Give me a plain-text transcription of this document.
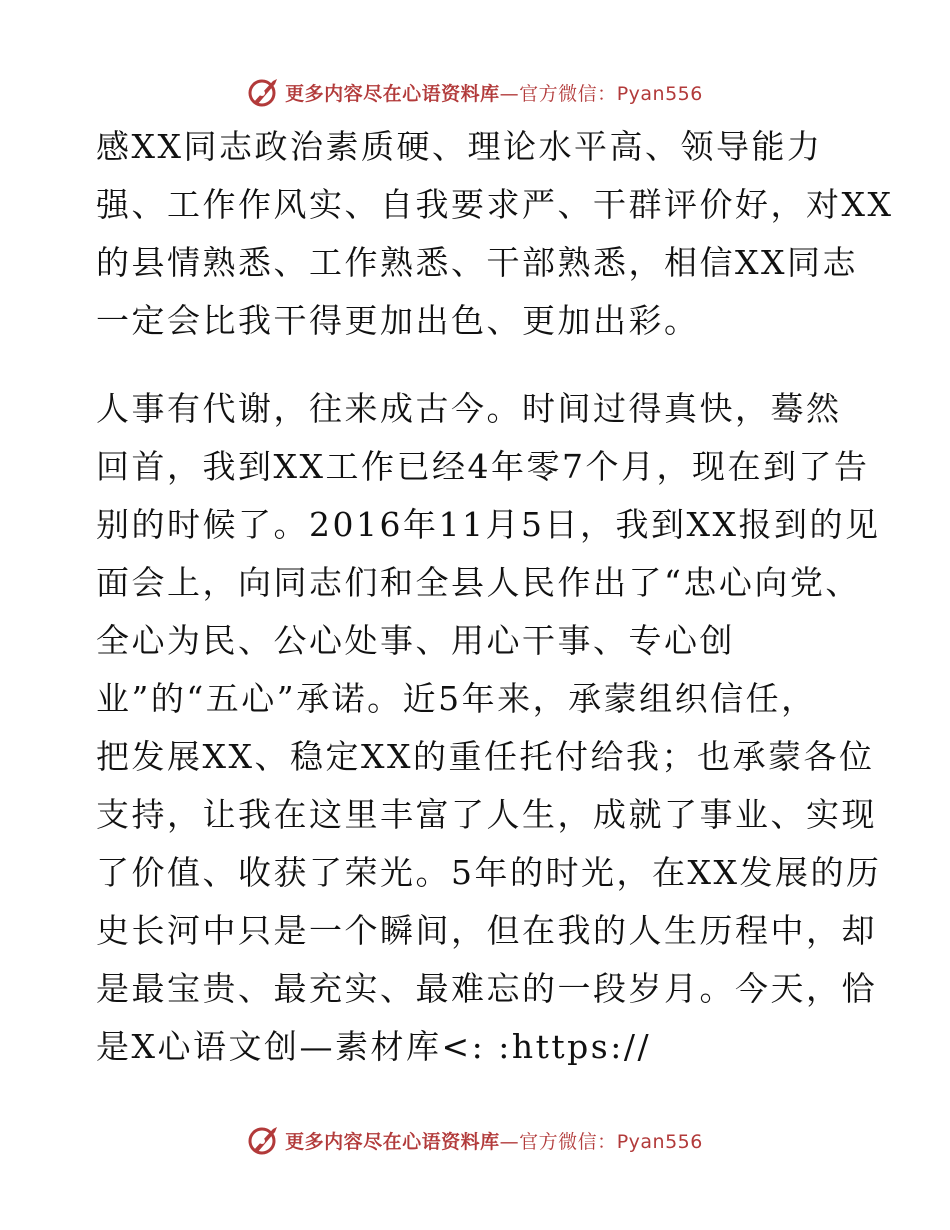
更多内容尽在心语资料库—官方微信：Pyan556
感XX同志政治素质硬、理论水平高、领导能力
强、工作作风实、自我要求严、干群评价好，对XX
的县情熟悉、工作熟悉、干部熟悉，相信XX同志
一定会比我干得更加出色、更加出彩。
人事有代谢，往来成古今。时间过得真快，蓦然
回首，我到XX工作已经4年零7个月，现在到了告
别的时候了。2016年11月5日，我到XX报到的见
面会上，向同志们和全县人民作出了“忠心向党、
全心为民、公心处事、用心干事、专心创
业”的“五心”承诺。近5年来，承蒙组织信任，
把发展XX、稳定XX的重任托付给我；也承蒙各位
支持，让我在这里丰富了人生，成就了事业、实现
了价值、收获了荣光。5年的时光，在XX发展的历
史长河中只是一个瞬间，但在我的人生历程中，却
是最宝贵、最充实、最难忘的一段岁月。今天，恰
是X心语文创—素材库<: :https://
更多内容尽在心语资料库—官方微信：Pyan556
